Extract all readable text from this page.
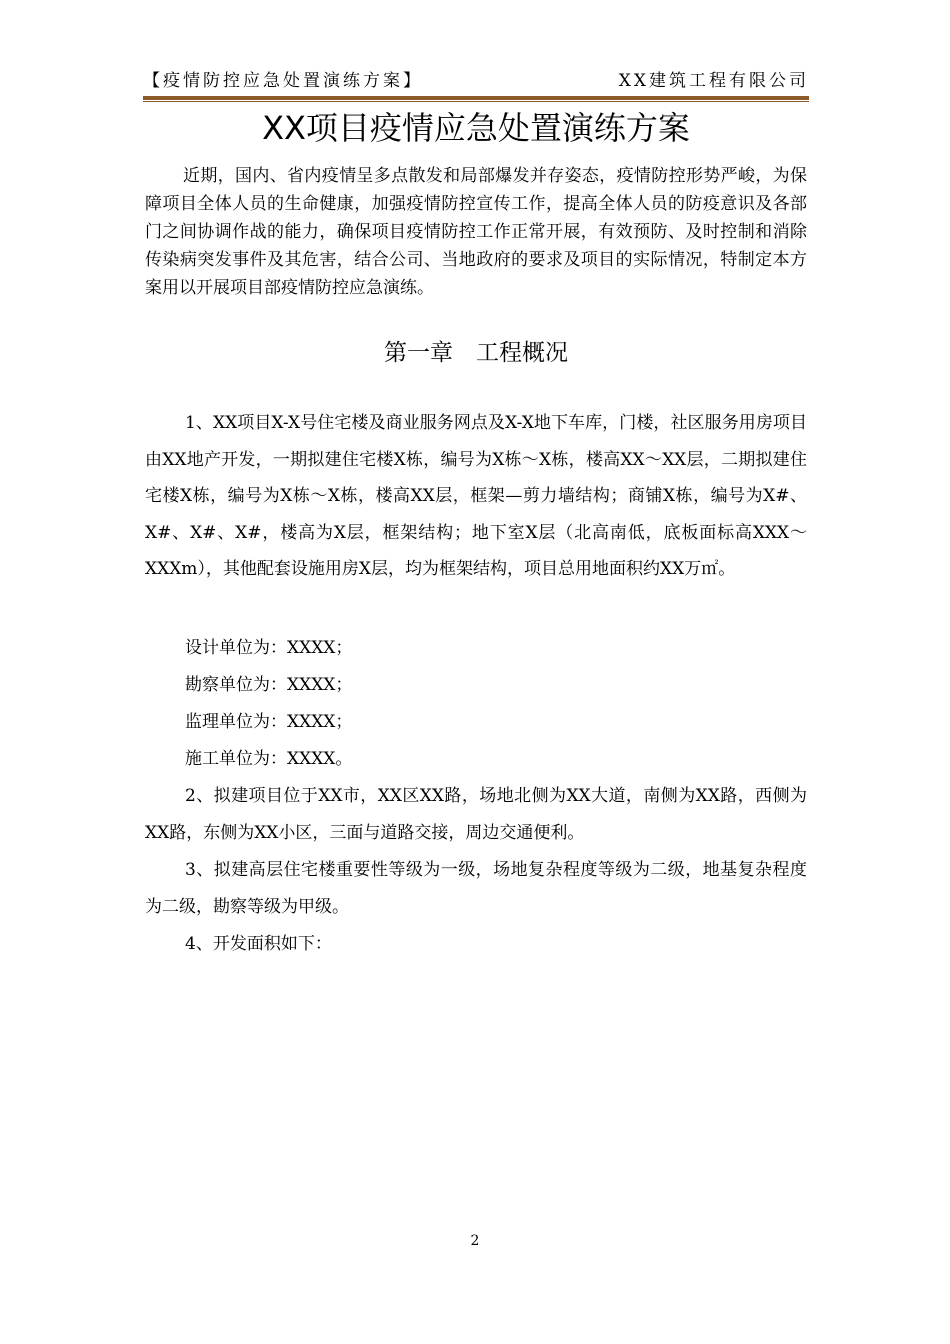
【疫情防控应急处置演练方案】	XX建筑工程有限公司
XX项目疫情应急处置演练方案

近期，国内、省内疫情呈多点散发和局部爆发并存姿态，疫情防控形势严峻，为保障项目全体人员的生命健康，加强疫情防控宣传工作，提高全体人员的防疫意识及各部门之间协调作战的能力，确保项目疫情防控工作正常开展，有效预防、及时控制和消除传染病突发事件及其危害，结合公司、当地政府的要求及项目的实际情况，特制定本方案用以开展项目部疫情防控应急演练。

第一章　工程概况

1、XX项目X-X号住宅楼及商业服务网点及X-X地下车库，门楼，社区服务用房项目由XX地产开发，一期拟建住宅楼X栋，编号为X栋～X栋，楼高XX～XX层，二期拟建住宅楼X栋，编号为X栋～X栋，楼高XX层，框架—剪力墙结构；商铺X栋，编号为X#、X#、X#、X#，楼高为X层，框架结构；地下室X层（北高南低，底板面标高XXX～XXXm），其他配套设施用房X层，均为框架结构，项目总用地面积约XX万㎡。

设计单位为：XXXX；

勘察单位为：XXXX；

监理单位为：XXXX；

施工单位为：XXXX。

2、拟建项目位于XX市，XX区XX路，场地北侧为XX大道，南侧为XX路，西侧为XX路，东侧为XX小区，三面与道路交接，周边交通便利。

3、拟建高层住宅楼重要性等级为一级，场地复杂程度等级为二级，地基复杂程度为二级，勘察等级为甲级。

4、开发面积如下：

2
